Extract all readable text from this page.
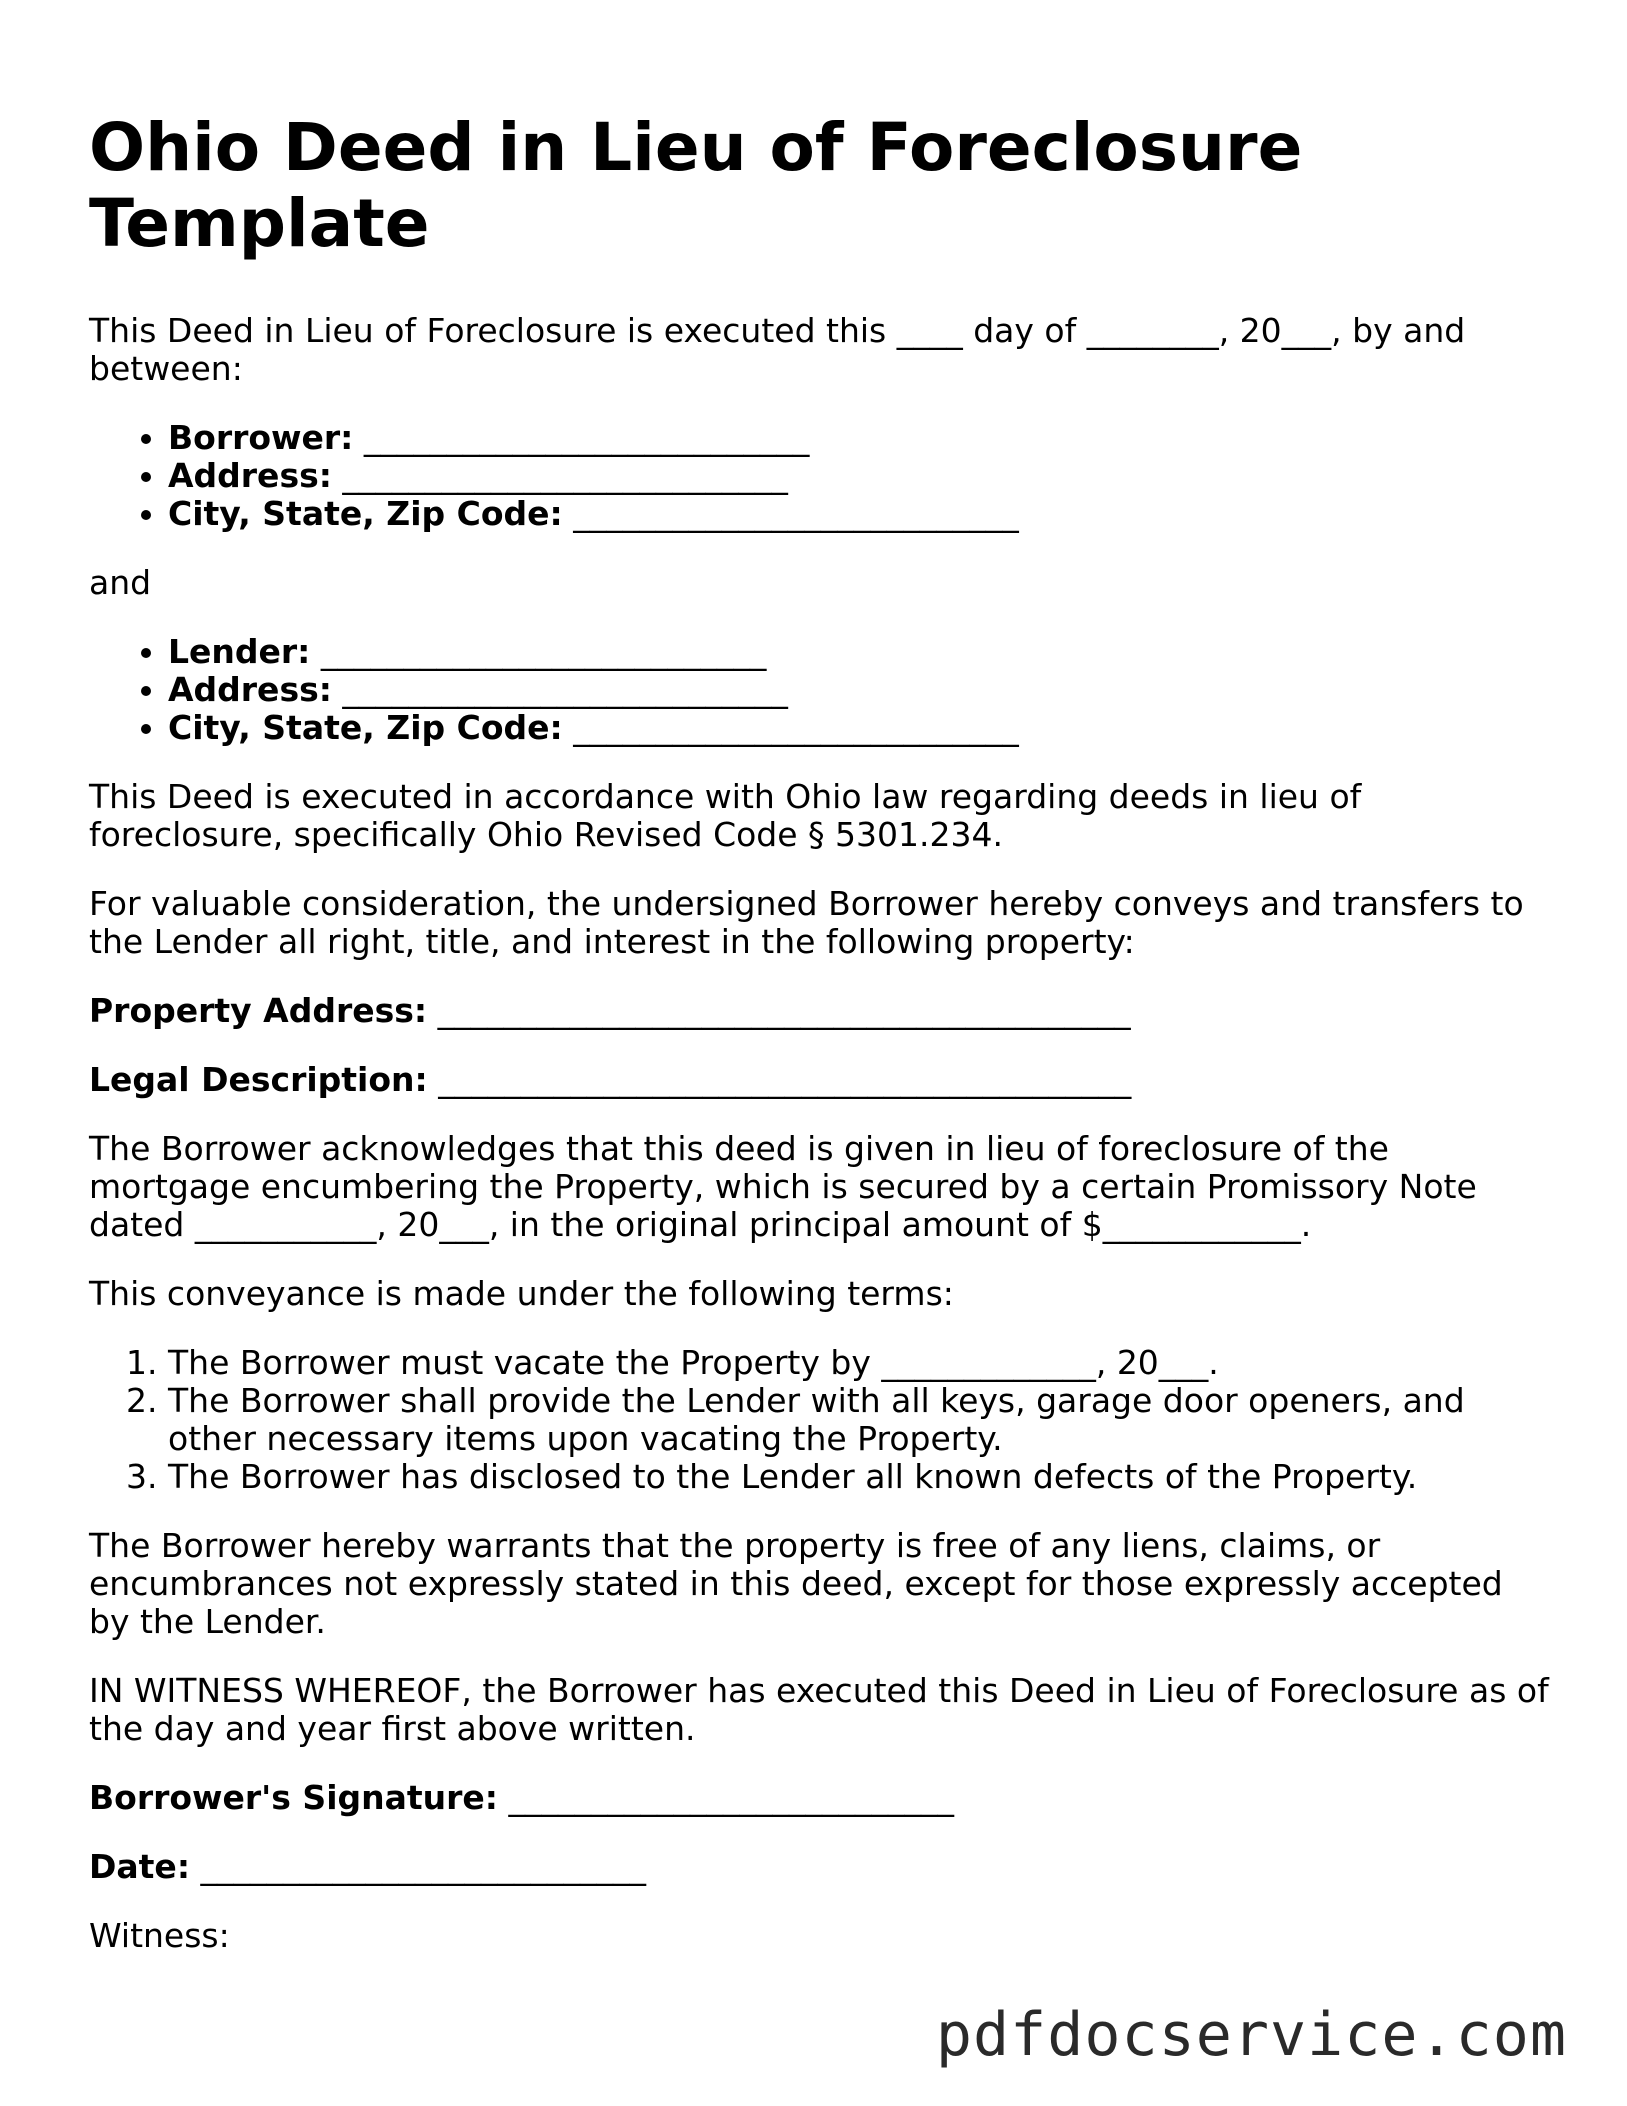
Ohio Deed in Lieu of Foreclosure Template

This Deed in Lieu of Foreclosure is executed this ____ day of ________, 20___, by and between:

• Borrower: ___________________________
• Address: ___________________________
• City, State, Zip Code: ___________________________

and

• Lender: ___________________________
• Address: ___________________________
• City, State, Zip Code: ___________________________

This Deed is executed in accordance with Ohio law regarding deeds in lieu of foreclosure, specifically Ohio Revised Code § 5301.234.

For valuable consideration, the undersigned Borrower hereby conveys and transfers to the Lender all right, title, and interest in the following property:

Property Address: __________________________________________

Legal Description: __________________________________________

The Borrower acknowledges that this deed is given in lieu of foreclosure of the mortgage encumbering the Property, which is secured by a certain Promissory Note dated ___________, 20___, in the original principal amount of $____________.

This conveyance is made under the following terms:

1. The Borrower must vacate the Property by _____________, 20___.
2. The Borrower shall provide the Lender with all keys, garage door openers, and other necessary items upon vacating the Property.
3. The Borrower has disclosed to the Lender all known defects of the Property.

The Borrower hereby warrants that the property is free of any liens, claims, or encumbrances not expressly stated in this deed, except for those expressly accepted by the Lender.

IN WITNESS WHEREOF, the Borrower has executed this Deed in Lieu of Foreclosure as of the day and year first above written.

Borrower's Signature: ___________________________

Date: ___________________________

Witness:

pdfdocservice.com
